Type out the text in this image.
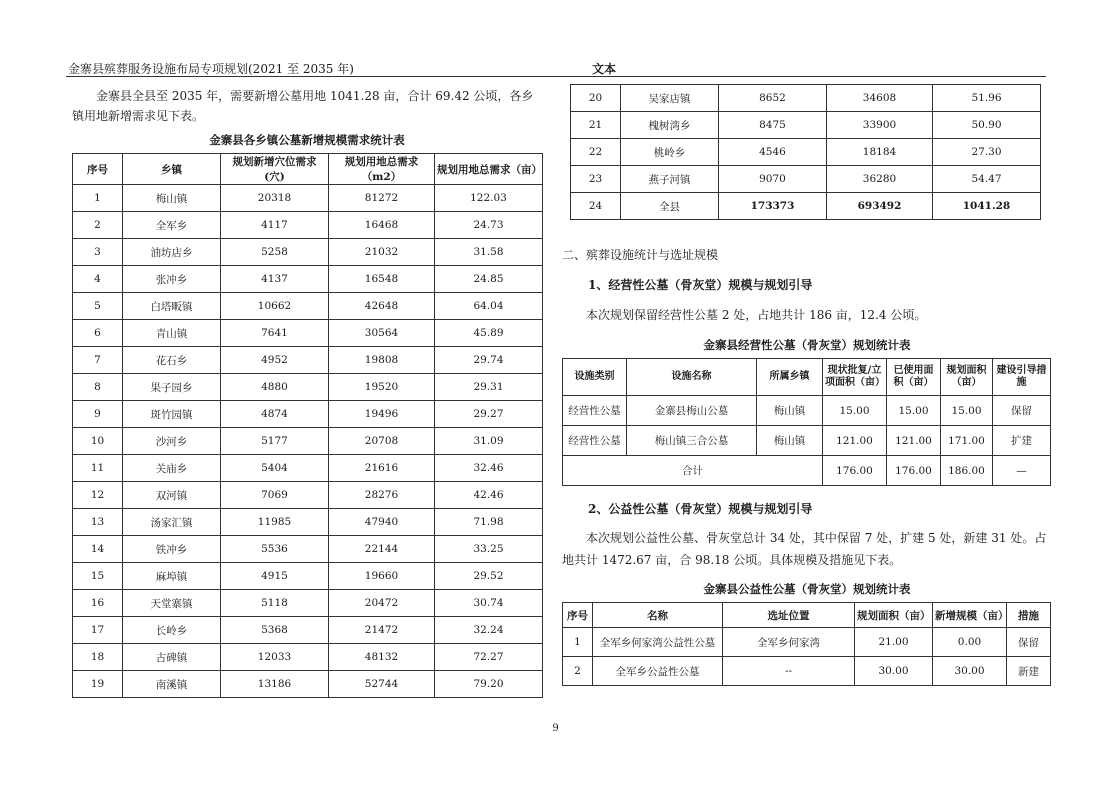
金寨县殡葬服务设施布局专项规划(2021 至 2035 年)	文本

金寨县全县至 2035 年，需要新增公墓用地 1041.28 亩，合计 69.42 公顷，各乡镇用地新增需求见下表。

金寨县各乡镇公墓新增规模需求统计表
序号	乡镇	规划新增穴位需求(穴)	规划用地总需求（m2）	规划用地总需求（亩）
1	梅山镇	20318	81272	122.03
2	全军乡	4117	16468	24.73
3	油坊店乡	5258	21032	31.58
4	张冲乡	4137	16548	24.85
5	白塔畈镇	10662	42648	64.04
6	青山镇	7641	30564	45.89
7	花石乡	4952	19808	29.74
8	果子园乡	4880	19520	29.31
9	斑竹园镇	4874	19496	29.27
10	沙河乡	5177	20708	31.09
11	关庙乡	5404	21616	32.46
12	双河镇	7069	28276	42.46
13	汤家汇镇	11985	47940	71.98
14	铁冲乡	5536	22144	33.25
15	麻埠镇	4915	19660	29.52
16	天堂寨镇	5118	20472	30.74
17	长岭乡	5368	21472	32.24
18	古碑镇	12033	48132	72.27
19	南溪镇	13186	52744	79.20
20	吴家店镇	8652	34608	51.96
21	槐树湾乡	8475	33900	50.90
22	桃岭乡	4546	18184	27.30
23	燕子河镇	9070	36280	54.47
24	全县	173373	693492	1041.28

二、殡葬设施统计与选址规模

1、经营性公墓（骨灰堂）规模与规划引导

本次规划保留经营性公墓 2 处，占地共计 186 亩，12.4 公顷。

金寨县经营性公墓（骨灰堂）规划统计表
设施类别	设施名称	所属乡镇	现状批复/立项面积（亩）	已使用面积（亩）	规划面积（亩）	建设引导措施
经营性公墓	金寨县梅山公墓	梅山镇	15.00	15.00	15.00	保留
经营性公墓	梅山镇三合公墓	梅山镇	121.00	121.00	171.00	扩建
合计			176.00	176.00	186.00	—

2、公益性公墓（骨灰堂）规模与规划引导

本次规划公益性公墓、骨灰堂总计 34 处，其中保留 7 处，扩建 5 处，新建 31 处。占地共计 1472.67 亩，合 98.18 公顷。具体规模及措施见下表。

金寨县公益性公墓（骨灰堂）规划统计表
序号	名称	选址位置	规划面积（亩）	新增规模（亩）	措施
1	全军乡何家湾公益性公墓	全军乡何家湾	21.00	0.00	保留
2	全军乡公益性公墓	--	30.00	30.00	新建
9
